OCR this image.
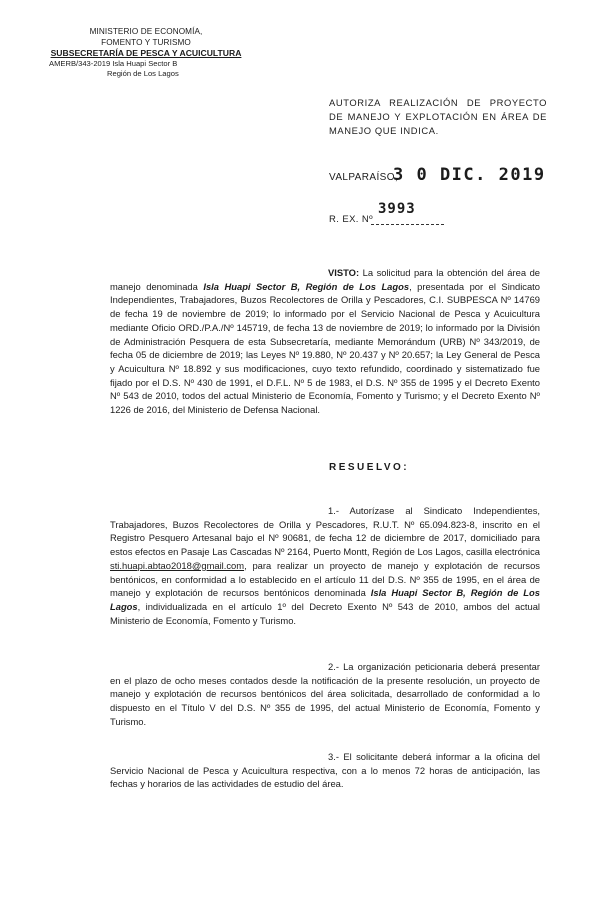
MINISTERIO DE ECONOMÍA,
FOMENTO Y TURISMO
SUBSECRETARÍA DE PESCA Y ACUICULTURA
AMERB/343-2019 Isla Huapi Sector B
Región de Los Lagos
AUTORIZA REALIZACIÓN DE PROYECTO DE MANEJO Y EXPLOTACIÓN EN ÁREA DE MANEJO QUE INDICA.
VALPARAÍSO,
3 0 DIC. 2019
R. EX. Nº
3993
VISTO: La solicitud para la obtención del área de manejo denominada Isla Huapi Sector B, Región de Los Lagos, presentada por el Sindicato Independientes, Trabajadores, Buzos Recolectores de Orilla y Pescadores, C.I. SUBPESCA Nº 14769 de fecha 19 de noviembre de 2019; lo informado por el Servicio Nacional de Pesca y Acuicultura mediante Oficio ORD./P.A./Nº 145719, de fecha 13 de noviembre de 2019; lo informado por la División de Administración Pesquera de esta Subsecretaría, mediante Memorándum (URB) Nº 343/2019, de fecha 05 de diciembre de 2019; las Leyes Nº 19.880, Nº 20.437 y Nº 20.657; la Ley General de Pesca y Acuicultura Nº 18.892 y sus modificaciones, cuyo texto refundido, coordinado y sistematizado fue fijado por el D.S. Nº 430 de 1991, el D.F.L. Nº 5 de 1983, el D.S. Nº 355 de 1995 y el Decreto Exento Nº 543 de 2010, todos del actual Ministerio de Economía, Fomento y Turismo; y el Decreto Exento Nº 1226 de 2016, del Ministerio de Defensa Nacional.
RESUELVO:
1.- Autorízase al Sindicato Independientes, Trabajadores, Buzos Recolectores de Orilla y Pescadores, R.U.T. Nº 65.094.823-8, inscrito en el Registro Pesquero Artesanal bajo el Nº 90681, de fecha 12 de diciembre de 2017, domiciliado para estos efectos en Pasaje Las Cascadas Nº 2164, Puerto Montt, Región de Los Lagos, casilla electrónica sti.huapi.abtao2018@gmail.com, para realizar un proyecto de manejo y explotación de recursos bentónicos, en conformidad a lo establecido en el artículo 11 del D.S. Nº 355 de 1995, en el área de manejo y explotación de recursos bentónicos denominada Isla Huapi Sector B, Región de Los Lagos, individualizada en el artículo 1º del Decreto Exento Nº 543 de 2010, ambos del actual Ministerio de Economía, Fomento y Turismo.
2.- La organización peticionaria deberá presentar en el plazo de ocho meses contados desde la notificación de la presente resolución, un proyecto de manejo y explotación de recursos bentónicos del área solicitada, desarrollado de conformidad a lo dispuesto en el Título V del D.S. Nº 355 de 1995, del actual Ministerio de Economía, Fomento y Turismo.
3.- El solicitante deberá informar a la oficina del Servicio Nacional de Pesca y Acuicultura respectiva, con a lo menos 72 horas de anticipación, las fechas y horarios de las actividades de estudio del área.
